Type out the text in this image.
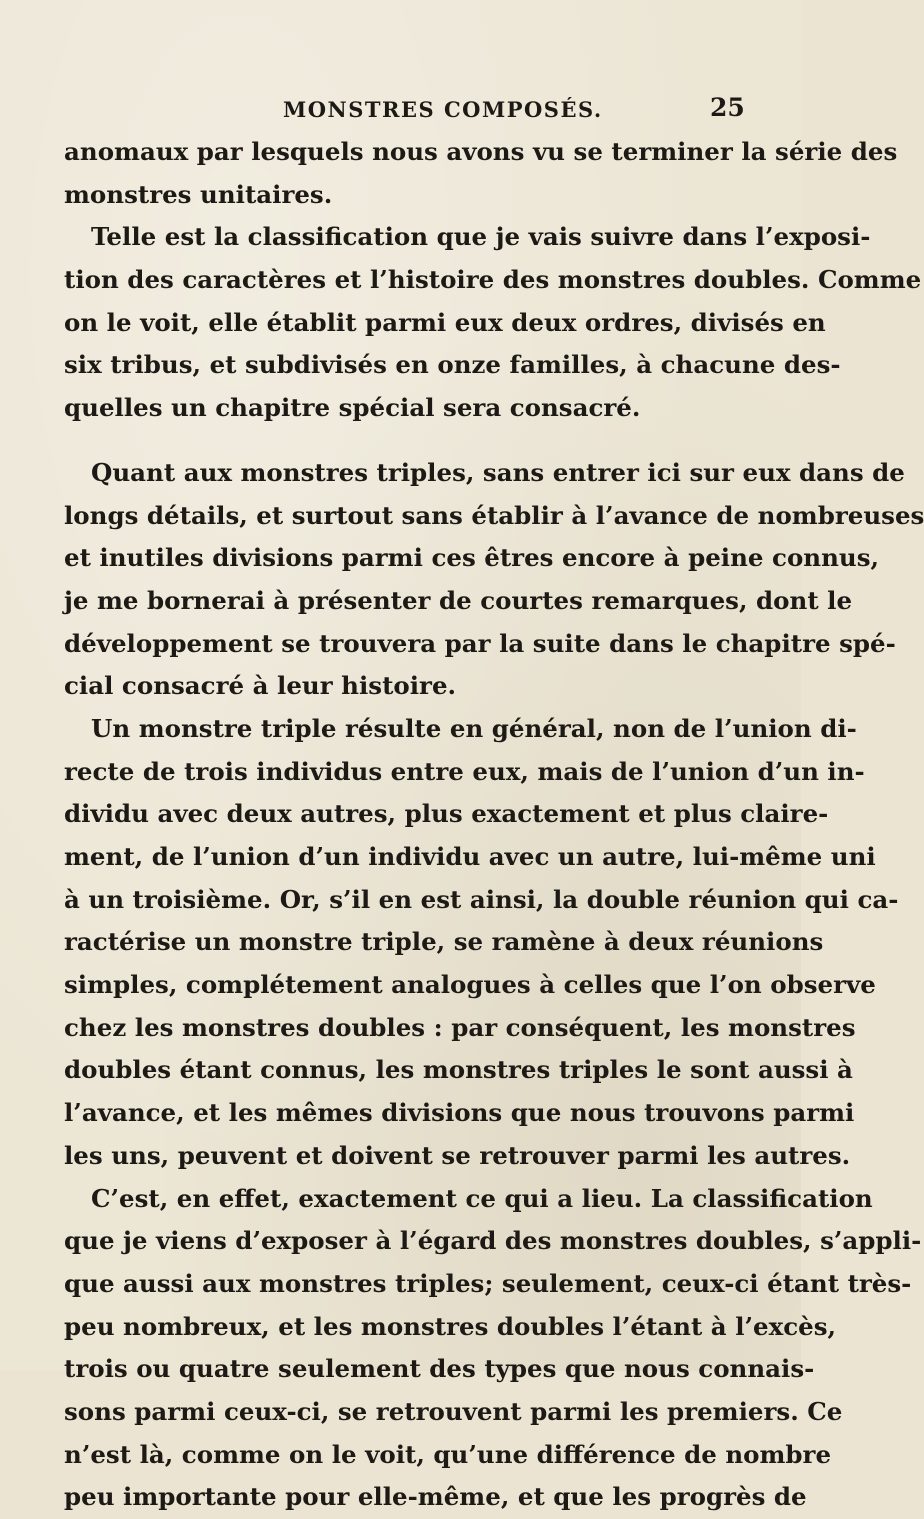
MONSTRES COMPOSÉS.	25
anomaux par lesquels nous avons vu se terminer la série des
monstres unitaires.
Telle est la classification que je vais suivre dans l’exposi-
tion des caractères et l’histoire des monstres doubles. Comme
on le voit, elle établit parmi eux deux ordres, divisés en
six tribus, et subdivisés en onze familles, à chacune des-
quelles un chapitre spécial sera consacré.
Quant aux monstres triples, sans entrer ici sur eux dans de
longs détails, et surtout sans établir à l’avance de nombreuses
et inutiles divisions parmi ces êtres encore à peine connus,
je me bornerai à présenter de courtes remarques, dont le
développement se trouvera par la suite dans le chapitre spé-
cial consacré à leur histoire.
Un monstre triple résulte en général, non de l’union di-
recte de trois individus entre eux, mais de l’union d’un in-
dividu avec deux autres, plus exactement et plus claire-
ment, de l’union d’un individu avec un autre, lui-même uni
à un troisième. Or, s’il en est ainsi, la double réunion qui ca-
ractérise un monstre triple, se ramène à deux réunions
simples, complétement analogues à celles que l’on observe
chez les monstres doubles : par conséquent, les monstres
doubles étant connus, les monstres triples le sont aussi à
l’avance, et les mêmes divisions que nous trouvons parmi
les uns, peuvent et doivent se retrouver parmi les autres.
C’est, en effet, exactement ce qui a lieu. La classification
que je viens d’exposer à l’égard des monstres doubles, s’appli-
que aussi aux monstres triples; seulement, ceux-ci étant très-
peu nombreux, et les monstres doubles l’étant à l’excès,
trois ou quatre seulement des types que nous connais-
sons parmi ceux-ci, se retrouvent parmi les premiers. Ce
n’est là, comme on le voit, qu’une différence de nombre
peu importante pour elle-même, et que les progrès de
